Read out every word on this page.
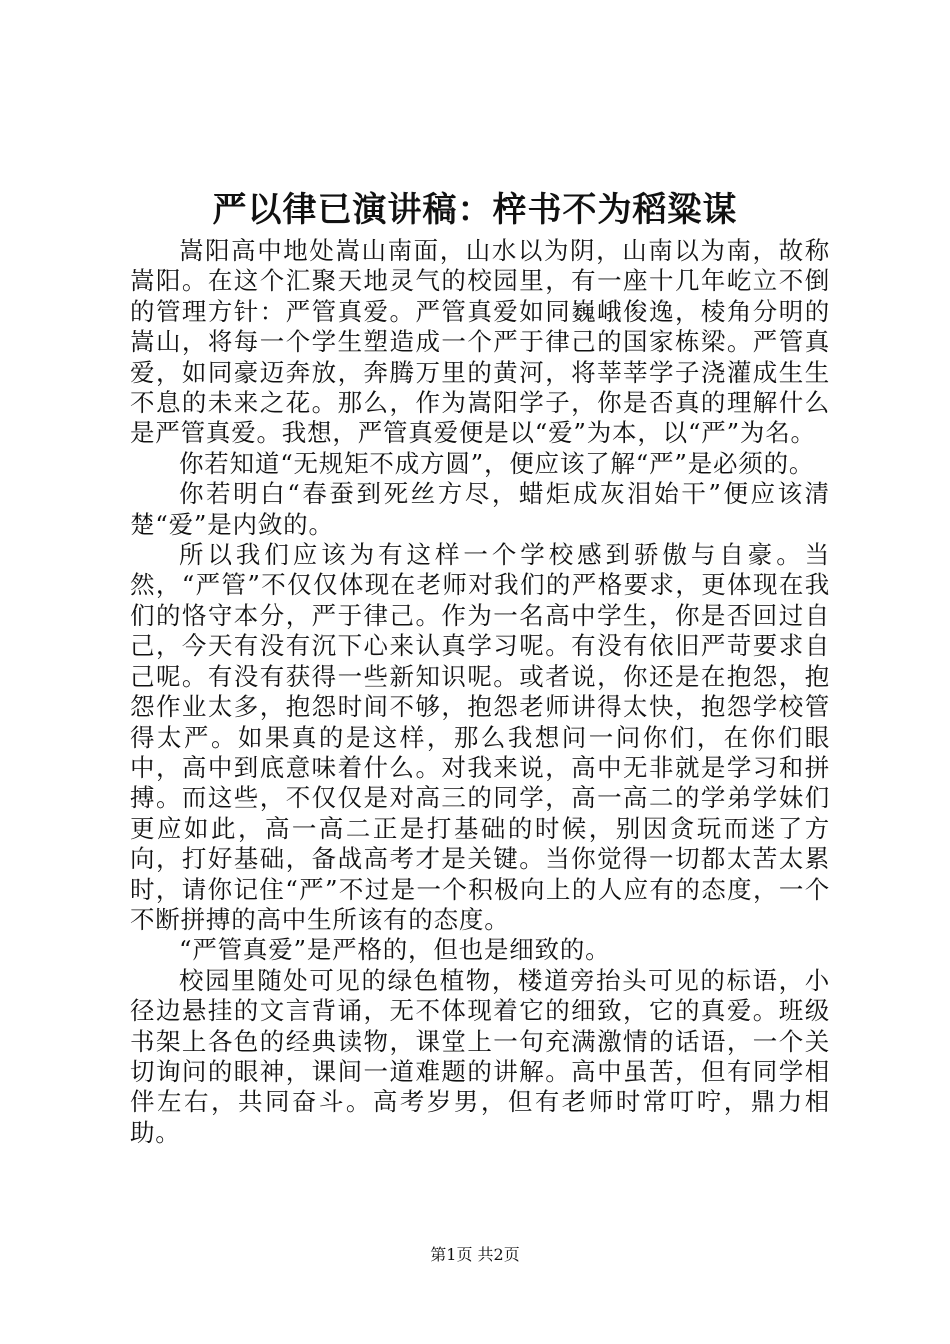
严以律已演讲稿：梓书不为稻粱谋

嵩阳高中地处嵩山南面，山水以为阴，山南以为南，故称嵩阳。在这个汇聚天地灵气的校园里，有一座十几年屹立不倒的管理方针：严管真爱。严管真爱如同巍峨俊逸，棱角分明的嵩山，将每一个学生塑造成一个严于律己的国家栋梁。严管真爱，如同豪迈奔放，奔腾万里的黄河，将莘莘学子浇灌成生生不息的未来之花。那么，作为嵩阳学子，你是否真的理解什么是严管真爱。我想，严管真爱便是以“爱”为本，以“严”为名。

你若知道“无规矩不成方圆”，便应该了解“严”是必须的。

你若明白“春蚕到死丝方尽，蜡炬成灰泪始干”便应该清楚“爱”是内敛的。

所以我们应该为有这样一个学校感到骄傲与自豪。当然，“严管”不仅仅体现在老师对我们的严格要求，更体现在我们的恪守本分，严于律己。作为一名高中学生，你是否回过自己，今天有没有沉下心来认真学习呢。有没有依旧严苛要求自己呢。有没有获得一些新知识呢。或者说，你还是在抱怨，抱怨作业太多，抱怨时间不够，抱怨老师讲得太快，抱怨学校管得太严。如果真的是这样，那么我想问一问你们，在你们眼中，高中到底意味着什么。对我来说，高中无非就是学习和拼搏。而这些，不仅仅是对高三的同学，高一高二的学弟学妹们更应如此，高一高二正是打基础的时候，别因贪玩而迷了方向，打好基础，备战高考才是关键。当你觉得一切都太苦太累时，请你记住“严”不过是一个积极向上的人应有的态度，一个不断拼搏的高中生所该有的态度。

“严管真爱”是严格的，但也是细致的。

校园里随处可见的绿色植物，楼道旁抬头可见的标语，小径边悬挂的文言背诵，无不体现着它的细致，它的真爱。班级书架上各色的经典读物，课堂上一句充满激情的话语，一个关切询问的眼神，课间一道难题的讲解。高中虽苦，但有同学相伴左右，共同奋斗。高考岁男，但有老师时常叮咛，鼎力相助。

第1页 共2页
